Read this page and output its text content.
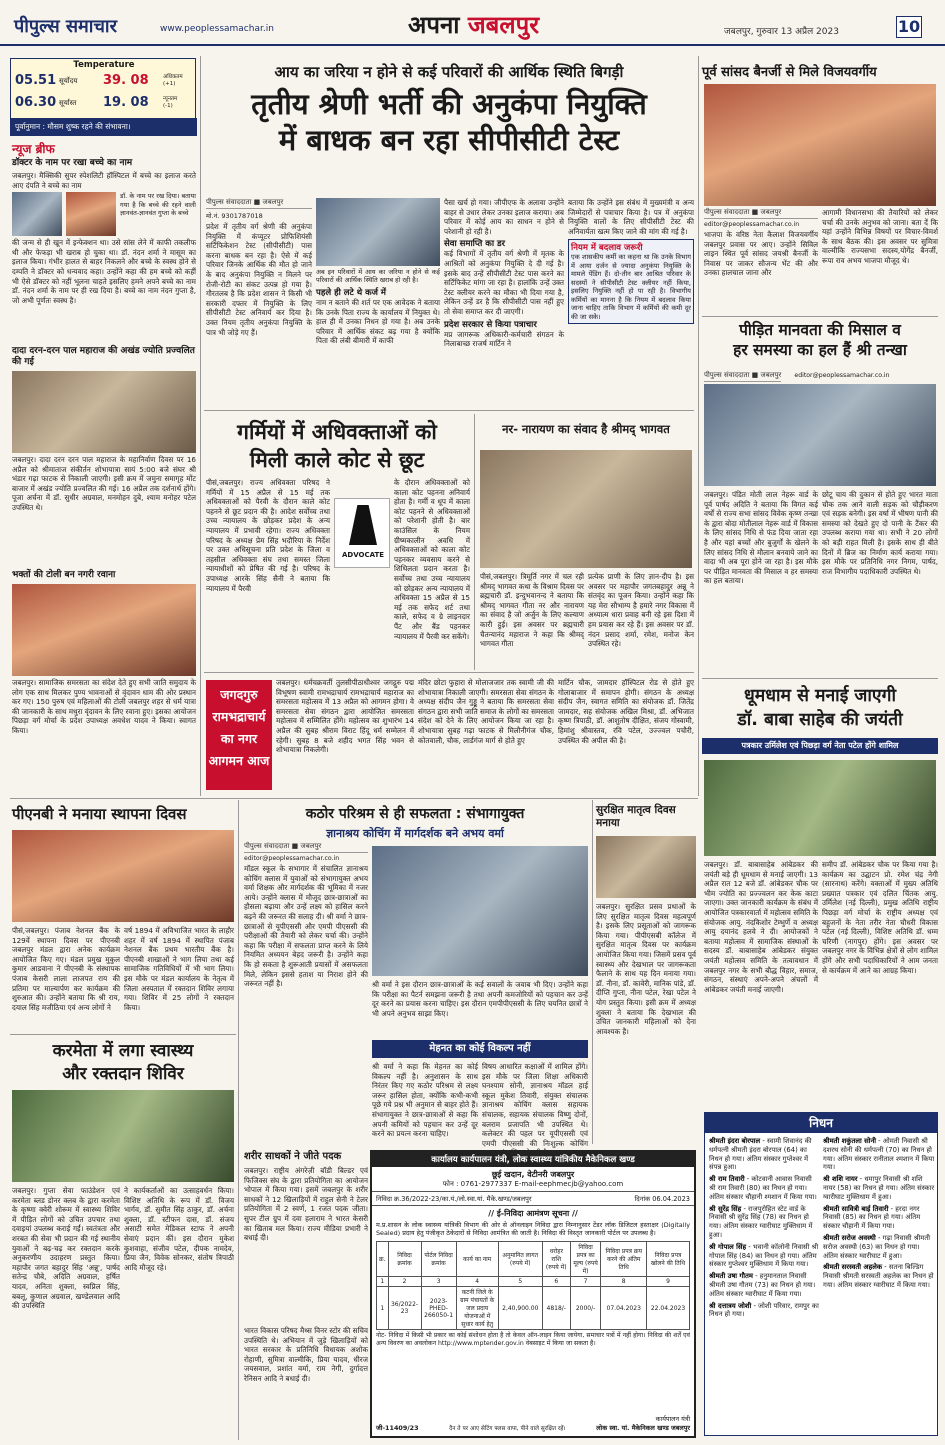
पीपुल्स समाचार	www.peoplessamachar.in	अपना जबलपुर	जबलपुर, गुरुवार 13 अप्रैल 2023	10
Temperature
05.51 सूर्योदय 39. 08	अधिकतम
(+1)
06.30 सूर्यास्त 19. 08	न्यूनतम
(-1)
पूर्वानुमान : मौसम शुष्क रहने की संभावना।
न्यूज ब्रीफ
डॉक्टर के नाम पर रखा बच्चे का नाम
जबलपुर। मैक्सिकी सुपर स्पेशलिटी हॉस्पिटल में बच्चे का इलाज करते आए दंपति ने बच्चे का नाम
डॉ. के नाम पर रख दिया। बताया गया है कि बच्चे की रहने वाली ज्ञानवंत-ज्ञानवंत गुप्ता के बच्चे
की जन्म से ही खून में इन्फेक्शन था। उसे सांस लेने में काफी तकलीफ थी और फेफड़ा भी खराब हो चुका था। डॉ. नंदन शर्मा ने मासूम का इलाज किया। गंभीर हालत से बाहर निकलने और बच्चे के स्वस्थ होने से दम्पति ने डॉक्टर को धन्यवाद कहा। उन्होंने कहा की हम बच्चे को कहीं भी ऐसे डॉक्टर को नहीं भूलना चाहते इसलिए हमने अपने बच्चे का नाम डॉ. नंदन शर्मा के नाम पर ही रख दिया है। बच्चे का नाम नंदन गुप्ता है, जो अभी पूर्णतः स्वस्थ है।
दादा दरन-दरन पाल महाराज की अखंड ज्योति प्रज्वलित की गई
जबलपुर। दादा दरन दरन पाल महाराज के महानिर्वाण दिवस पर 16 अप्रैल को श्रीमाताज संकीर्तन शोभायात्रा सायं 5:00 बजे संघर श्री भंडार गढ़ा फाटक से निकाली जाएगी। इसी क्रम में जमुना समागृह मोंट बाजार में अखंड ज्योति प्रज्वलित की गई। 16 अप्रैल तक दर्शनार्थ होंगे। पूजा अर्चना में डॉ. सुधीर अग्रवाल, मनमोहन दुबे, श्याम मनोहर पटेल उपस्थित थे।
भक्तों की टोली बन नगरी रवाना
जबलपुर। सामाजिक समरसता का संदेश देते हुए सभी जाति समुदाय के लोग एक साथ मिलकर पुण्य भावनाओं से वृंदावन धाम की ओर प्रस्थान कर गए। 150 पुरुष एवं महिलाओं की टोली जबलपुर शहर से धर्म यात्रा की जानकारी के साथ मथुरा वृंदावन के लिए रवाना हुए। इसका आयोजन पिछड़ा वर्ग मोर्चा के प्रदेश उपाध्यक्ष अवधेश यादव ने किया। स्वागत किया।
आय का जरिया न होने से कई परिवारों की आर्थिक स्थिति बिगड़ी
तृतीय श्रेणी भर्ती की अनुकंपा नियुक्ति
में बाधक बन रहा सीपीसीटी टेस्ट
पीपुल्स संवाददाता ■ जबलपुर
मो.नं. 9301787018
प्रदेश में तृतीय वर्ग श्रेणी की अनुकंपा नियुक्ति में कंप्यूटर प्रोफिशियंसी सर्टिफिकेशन टेस्ट (सीपीसीटी) पास करना बाधक बन रहा है। ऐसे में कई परिवार जिनके आर्थिक की मौत हो जाने के बाद अनुकंपा नियुक्ति न मिलने पर रोजी-रोटी का संकट उत्पन्न हो गया है। गौरतलब है कि प्रदेश शासन ने किसी भी सरकारी दफ्तर में नियुक्ति के लिए सीपीसीटी टेस्ट अनिवार्य कर दिया है। उक्त नियम तृतीय अनुकंपा नियुक्ति के पात्र भी जोड़े गए हैं।
अब इन परिवारों में आय का जरिया न होने से कई परिवारों की आर्थिक स्थिति खराब हो रही है।
पहले ही लटे थे कर्ज में
नाम न बताने की शर्त पर एक आवेदक ने बताया कि उनके पिता राज्य के कार्यालय में नियुक्त थे। हाल ही में उनका निधन हो गया है। अब उनके परिवार में आर्थिक संकट बढ़ गया है क्योंकि पिता की लंबी बीमारी में काफी
पैसा खर्च हो गया। जीपीएफ के अलावा उन्होंने बाहर से उधार लेकर उनका इलाज कराया। अब परिवार में कोई आय का साधन न होने से परेशानी हो रही है।
सेवा समाप्ति का डर
कई विभागों में तृतीय वर्ग श्रेणी में मृतक के आश्रितों को अनुकंपा नियुक्ति दे दी गई है। इसके बाद उन्हें सीपीसीटी टेस्ट पास करने का सर्टिफिकेट मांगा जा रहा है। हालांकि उन्हें उक्त टेस्ट क्लीयर करने का मौका भी दिया गया है, लेकिन उन्हें डर है कि सीपीसीटी पास नहीं हुए तो सेवा समाप्त कर दी जाएगी।
प्रदेश सरकार से किया पत्राचार
मप्र जागरूक अधिकारी-कर्मचारी संगठन के निलाबाच्छ राजर्ष मार्टिन ने
बताया कि उन्होंने इस संबंध में मुख्यमंत्री व अन्य जिम्मेदारों से पत्राचार किया है। पत्र में अनुकंपा नियुक्ति वालों के लिए सीपीसीटी टेस्ट की अनिवार्यता खत्म किए जाने की मांग की गई है।
नियम में बदलाव जरूरी
एक शासकीय कर्मी का कहना था कि उनके विभाग में आया दर्जन से ज्यादा अनुकंपा नियुक्ति के मामले पेंडिंग हैं। दो-तीन बार आश्रित परिवार के सदस्यों ने सीपीसीटी टेस्ट क्लीयर नहीं किया, इसलिए नियुक्ति नहीं हो पा रही है। विभागीय कर्मियों का मानना है कि नियम में बदलाव किया जाना चाहिए ताकि विभाग में कर्मियों की कमी दूर की जा सके।
गर्मियों में अधिवक्ताओं को
मिली काले कोट से छूट
पीसं,जबलपुर। राज्य अधिवक्ता परिषद ने गर्मियों में 15 अप्रैल से 15 मई तक अधिवक्ताओं को पैरवी के दौरान काले कोट पहनने से छूट प्रदान की है। आदेश सर्वोच्च तथा उच्च न्यायालय के छोड़कर प्रदेश के अन्य न्यायालय में प्रभावी रहेगा। राज्य अधिवक्ता परिषद के अध्यक्ष प्रेम सिंह भदौरिया के निर्देश पर उक्त अधिसूचना प्रति प्रदेश के जिला व तहसील अधिवक्ता संघ तथा समस्त जिला न्यायाधीशों को प्रेषित की गई है। परिषद के उपाध्यक्ष आरके सिंह सैनी ने बताया कि न्यायालय में पैरवी
ADVOCATE
के दौरान अधिवक्ताओं को काला कोट पहनना अनिवार्य होता है। गर्मी व धूप में काला कोट पहनने से अधिवक्ताओं को परेशानी होती है। बार काउंसिल के नियम ग्रीष्मकालीन अवधि में अधिवक्ताओं को काला कोट पहनकर व्यवसाय करने से शिथिलता प्रदान करता है। सर्वोच्च तथा उच्च न्यायालय को छोड़कर अन्य न्यायालय में अधिवक्ता 15 अप्रैल से 15 मई तक सफेद शर्ट तथा काले, सफेद व ग्रे लाइनदार पैंट और बैंड पहनकर न्यायालय में पैरवी कर सकेंगे।
नर- नारायण का संवाद है श्रीमद् भागवत
पीसं,जबलपुर। त्रिमूर्ति नगर में चल रही श्रीमद् भागवत कथा के विश्राम दिवस पर ब्रह्मचारी डॉ. इन्दुभवानन्द ने बताया कि श्रीमद् भागवत गीता नर और नारायण का संवाद है जो अर्जुन के लिए कल्याण कारी हुई। इस अवसर पर ब्रह्मचारी चैतन्यानंद महाराज ने कहा कि श्रीमद् भागवत गीता
प्रत्येक प्राणी के लिए ज्ञान-दीप है। इस अवसर पर महापौर जगतबहादुर अन्नू ने संतवृंद का पूजन किया। उन्होंने कहा कि यह मेरा सौभाग्य है हमारे नगर विकास में अध्यात्म धारा प्रवाह बनी रहे इस दिशा में हम प्रयास कर रहे हैं। इस अवसर पर डॉ. नंदन प्रसाद शर्मा, रमेश, मनोज केन उपस्थित रहे।
जगदगुरु रामभद्राचार्य का नगर आगमन आज
जबलपुर। धर्मचक्रवर्ती तुलसीपीठाधीश्वर जगद्गुरु पद्म विभूषण स्वामी रामभद्राचार्य रामभद्राचार्य महाराज का समरसता महोत्सव में 13 अप्रैल को आगमन होगा। वे समरसता सेवा संगठन द्वारा आयोजित समरसता महोत्सव में सम्मिलित होंगे। महोत्सव का शुभारंभ 14 अप्रैल की सुबह श्रीराम विराट हिंदू धर्म सम्मेलन में रहेगी। सुबह 8 बजे शहीद भगत सिंह भवन से शोभायात्रा निकलेगी।
मंदिर छोटा फुहारा से मोलाजजार तक स्वामी जी की शोभायात्रा निकाली जाएगी। समरसता सेवा संगठन के अध्यक्ष संदीप जैन गुड्डू ने बताया कि समरसता सेवा संगठन द्वारा सभी जाति समाज के लोगों का समरसता संदेश को देने के लिए आयोजन किया जा रहा है। शोभायात्रा सुबह गढ़ा फाटक से मिलौनीगंज चौक, कोतवाली, चौक, लार्डगंज मार्ग से होते हुए
मार्टिन चौक, जामदार हॉस्पिटल रोड से होते हुए गोलाबाजार में समापन होगी। संगठन के अध्यक्ष संदीप जैन, स्वागत समिति का संयोजक डॉ. जितेंद्र जामदार, सह संयोजक अखिल मिश्रा, डॉ. अभिजात कृष्ण त्रिपाठी, डॉ. आशुतोष दीक्षित, संजय गोस्वामी, हिमांशु श्रीवास्तव, रवि पटेल, उज्ज्वल पचौरी, उपस्थित की अपील की है।
पूर्व सांसद बैनर्जी से मिले विजयवर्गीय
पीपुल्स संवाददाता ■ जबलपुर
editor@peoplessamachar.co.in
भाजपा के वरिष्ठ नेता कैलाश विजयवर्गीय जबलपुर प्रवास पर आए। उन्होंने सिविल लाइन स्थित पूर्व सांसद जयश्री बैनर्जी के निवास पर जाकर सौजन्य भेंट की और उनका हालचाल जाना और
आगामी विधानसभा की तैयारियों को लेकर चर्चा की उनके अनुभव को जाना। बता दें कि यहां उन्होंने विभिन्न विषयों पर विचार-विमर्श के साथ बैठक की। इस अवसर पर सुमित्रा वाल्मीकि राज्यसभा सदस्य,योगेंद्र बैनर्जी, रूपा राव अभय भाजपा मौजूद थे।
पीड़ित मानवता की मिसाल व
हर समस्या का हल हैं श्री तन्खा
पीपुल्स संवाददाता ■ जबलपुर editor@peoplessamachar.co.in
जबलपुर। पंडित मोती लाल नेहरू वार्ड के पूर्व पार्षद अदिति ने बताया कि विगत कई वर्षों से राज्य सभा सांसद विवेक कृष्ण तन्खा के द्वारा बोदा मोतीलाल नेहरू वार्ड में विकास के लिए सांसद निधि से फंड दिया जाता रहा है और यहां बच्चों और बुजुर्गों के खेलने के लिए सांसद निधि से मौलान बनवाये जाने का वादा भी अब पूरा होने जा रहा है। इस मौके पर पीड़ित मानवता की मिसाल व हर समस्या का हल बताया।
छोटू चाय की दुकान से होते हुए भारत माता चौक तक आने वाली सड़क को चौड़ीकरण एवं सड़क बनेगी। इस वर्षा में भीषण पानी की समस्या को देखते हुए दो पानी के टैंकर की उपलब्ध कराया गया था। सभी ने 20 लोगों को बड़ी राहत मिली है। इसके साथ ही बीते दिनों में ब्रिज का निर्माण कार्य कराया गया। इस मौके पर प्रतिनिधि नगर निगम, पार्षद, राज विभागीय पदाधिकारी उपस्थित थे।
धूमधाम से मनाई जाएगी
डॉ. बाबा साहेब की जयंती
पत्रकार उर्मिलेश एवं पिछड़ा वर्ग नेता पटेल होंगे शामिल
जबलपुर। डॉ. बाबासाहेब आंबेडकर की जयंती बड़े ही धूमधाम से मनाई जाएगी। 13 अप्रैल रात 12 बजे डॉ. आंबेडकर चौक पर भीम ज्योति का प्रज्ज्वलन कर केक काटा जाएगा। उक्त जानकारी कार्यक्रम के संबंध में आयोजित पत्रकारवार्ता में महोत्सव समिति के संयोजक आयु. नंदकिशोर टेम्भुर्णे व अध्यक्ष आयु दयानंद हलवे ने दी। आयोजकों ने बताया महोत्सव में सामाजिक संस्थाओं के सदस्य डॉ. बाबासाहेब आंबेडकर संयुक्त जयंती महोत्सव समिति के तत्वावधान में जबलपुर नगर के सभी बौद्ध विहार, समाज, संगठन, संस्थाएं अपने-अपने अंचलों में आंबेडकर जयंती मनाई जाएगी।
समीप डॉ. आंबेडकर चौक पर किया गया है। कार्यक्रम का उद्घाटन प्रो. रमेश चंद्र नेगी (सारनाथ) करेंगे। वक्ताओं में मुख्य अतिथि प्रख्यात पत्रकार एवं दलित चिंतक आयु. उर्मिलेश (नई दिल्ली), प्रमुख अतिथि राष्ट्रीय पिछड़ा वर्ग मोर्चा के राष्ट्रीय अध्यक्ष एवं बहुजनों के नेता तरीर नेता चौधरी विकास पटेल (नई दिल्ली), विशिष्ट अतिथि डॉ. धम्म चरिणी (नागपुर) होंगे। इस अवसर पर जबलपुर नगर के विभिन्न क्षेत्रों से लोग शामिल होंगे और सभी पदाधिकारियों ने आम जनता से कार्यक्रम में आने का आग्रह किया।
निधन
श्रीमती इंदरा बोरपाल - स्वामी शिवानंद की धर्मपत्नी श्रीमती इंदरा बोरपाल (64) का निधन हो गया। अंतिम संस्कार गुप्तेश्वर में संपन्न हुआ।
श्री राम तिवारी - कोटवानी आवास निवासी श्री राम तिवारी (80) का निधन हो गया। अंतिम संस्कार चौहानी श्मशान में किया गया।
श्री सुरेंद्र सिंह - राजपुरोहित स्टेट वार्ड के निवासी श्री सुरेंद्र सिंह (78) का निधन हो गया। अंतिम संस्कार ग्वारीघाट मुक्तिधाम में हुआ।
श्री गोपाल सिंह - भवानी कॉलोनी निवासी श्री गोपाल सिंह (84) का निधन हो गया। अंतिम संस्कार गुप्तेश्वर मुक्तिधाम में किया गया।
श्रीमती उषा गौतम - हनुमानताल निवासी श्रीमती उषा गौतम (73) का निधन हो गया। अंतिम संस्कार ग्वारीघाट में किया गया।
श्री दत्तात्रय जोशी - जोशी परिवार, रामपुर का निधन हो गया।
श्रीमती शकुंतला सोनी - ओमती निवासी श्री दशरथ सोनी की धर्मपत्नी (70) का निधन हो गया। अंतिम संस्कार रानीताल श्मशान में किया गया।
श्री शशि नायर - धमापुर निवासी श्री शशि नायर (58) का निधन हो गया। अंतिम संस्कार ग्वारीघाट मुक्तिधाम में हुआ।
श्रीमती सावित्री बाई तिवारी - हरदा नगर निवासी (85) का निधन हो गया। अंतिम संस्कार चौहानी में किया गया।
श्रीमती सरोज अवस्थी - गढ़ा निवासी श्रीमती सरोज अवस्थी (63) का निधन हो गया। अंतिम संस्कार ग्वारीघाट में हुआ।
श्रीमती सरस्वती अहलेक - सतना बिल्डिंग निवासी श्रीमती सरस्वती अहलेक का निधन हो गया। अंतिम संस्कार ग्वारीघाट में किया गया।
पीएनबी ने मनाया स्थापना दिवस
पीसं,जबलपुर। पंजाब नेशनल बैंक के 129वें स्थापना दिवस पर पीएनबी जबलपुर मंडल द्वारा अनेक कार्यक्रम आयोजित किए गए। मंडल प्रमुख मुकुल कुमार आडवाना ने पीएनबी के संस्थापक पंजाब केसरी लाला लाजपत राय की प्रतिमा पर माल्यार्पण कर कार्यक्रम की शुरुआत की। उन्होंने बताया कि श्री राय, दयाल सिंह मजीठिया एवं अन्य लोगों ने
वर्ष 1894 में अविभाजित भारत के लाहौर शहर में वर्ष 1894 में स्थापित पंजाब नेशनल बैंक प्रथम भारतीय बैंक है। पीएनबी शाखाओं ने भाग लिया तथा कई सामाजिक गतिविधियों में भी भाग लिया। इस मौके पर मंडल कार्यालय के नेतृत्व में जिला अस्पताल में रक्तदान शिविर लगाया गया। शिविर में 25 लोगों ने रक्तदान किया।
करमेता में लगा स्वास्थ्य
और रक्तदान शिविर
जबलपुर। गुप्ता सेवा फाउंडेशन एवं करमेता ब्लड डोनर क्लब के द्वारा करमेता के कृष्णा क्वेरी शोरूम में स्वास्थ्य शिविर में पीड़ित लोगों को उचित उपचार तथा दवाइयां उपलब्ध कराई गईं। स्वतंत्रता और शरबत की सेवा भी प्रदान की गई स्थानीय युवाओं ने बढ़-चढ़ कर रक्तदान करके अनुकरणीय उदाहरण प्रस्तुत किया। महापौर जगत बहादुर सिंह 'अन्नू', पार्षद सतेन्द्र चौबे, अदिति अग्रवाल, हर्षित यादव, अनिता शुक्ला, स्वप्निल सिंह, बबलू, कुणाल अग्रवाल, खण्डेलवाल आदि की उपस्थिति
ने कार्यकर्ताओं का उत्साहवर्धन किया। विशिष्ट अतिथि के रूप में डॉ. विजय भार्गव, डॉ. सुमीत सिंह ठाकुर, डॉ. अर्चना शुक्ला, डॉ. स्टीफन दास, डॉ. संजय असाटी समेत मेडिकल स्टाफ ने अपनी सेवाएं प्रदान कीं। इस दौरान मुकेश कुशवाहा, संजीव पटेल, दीपक नामदेव, प्रिया जैन, विवेक सोनकर, संतोष त्रिपाठी आदि मौजूद रहे।
कठोर परिश्रम से ही सफलता : संभागायुक्त
ज्ञानाश्रय कोचिंग में मार्गदर्शक बने अभय वर्मा
पीपुल्स संवाददाता ■ जबलपुर
editor@peoplessamachar.co.in
मॉडल स्कूल के सभागार में संचालित ज्ञानाश्रय कोचिंग क्लास में युवाओं को संभागायुक्त अभय वर्मा शिक्षक और मार्गदर्शक की भूमिका में नजर आये। उन्होंने क्लास में मौजूद छात्र-छात्राओं का हौसला बढ़ाया और उन्हें लक्ष्य को हासिल करने बढ़ने की जरूरत की सलाह दी। श्री वर्मा ने छात्र-छात्राओं से यूपीएससी और एमपी पीएससी की परीक्षाओं की तैयारी को लेकर चर्चा की। उन्होंने कहा कि परीक्षा में सफलता प्राप्त करने के लिये नियमित अध्ययन बेहद जरूरी है। उन्होंने कहा कि हो सकता है शुरूआती प्रयासों में असफलता मिले, लेकिन इससे हताश या निराश होने की जरूरत नहीं है।	श्री वर्मा ने इस दौरान छात्र-छात्राओं के कई सवालों के जवाब भी दिए। उन्होंने कहा कि परीक्षा का पैटर्न समझना जरूरी है तथा अपनी कमजोरियों को पहचान कर उन्हें दूर करने का प्रयास करना चाहिए। इस दौरान एमपीपीएससी के लिए चयनित छात्रों ने भी अपने अनुभव साझा किए।
मेहनत का कोई विकल्प नहीं
श्री वर्मा ने कहा कि मेहनत का कोई विकल्प नहीं है। अनुशासन के साथ निरंतर किए गए कठोर परिश्रम से लक्ष्य जरूर हासिल होता, क्योंकि कभी-कभी पूछे गये प्रश्न भी अनुमान से बाहर होते हैं। संभागायुक्त ने छात्र-छात्राओं से कहा कि अपनी कमियों को पहचान कर उन्हें दूर करने का प्रयत्न करना चाहिए।
विषय आधारित कक्षाओं में शामिल होंगे। इस मौके पर जिला शिक्षा अधिकारी घनश्याम सोनी, ज्ञानाश्रय मॉडल हाई स्कूल मुकेश तिवारी, संयुक्त संचालक ज्ञानाश्रय कोचिंग क्लास सहायक संचालक, सहायक संचालक विष्णु दोनों, बलराम प्रजापति भी उपस्थित थे। कलेक्टर की पहल पर यूपीएससी एवं एमपी पीएससी की निःशुल्क कोचिंग
शरीर साधकों ने जीते पदक
जबलपुर। राष्ट्रीय अंगरेज़ी बॉडी बिल्डर एवं फिजिक्स संघ के द्वारा प्रतियोगिता का आयोजन भोपाल में किया गया। इसमें जबलपुर के शरीर साधकों ने 12 खिलाड़ियों में राहुल सेनी ने टेलर प्रतियोगिता में 2 स्वर्ण, 1 रजत पदक जीता। सुपर टील ग्रुप में दवा हलाराम ने भारत केसरी का खिताब मल किया। राज्य मीडिया प्रभारी ने बधाई दी।
भारत विकास परिषद मैथ्स विनर स्टोर की सचिव उपस्थिति थे। अभियान में जुड़े खिलाड़ियों को भारत सरकार के प्रतिनिधि विधायक अशोक रोहाणी, सुमित्रा वाल्मीकि, प्रिया यादव, धीरज जयसवाल, प्रशांत वर्मा, राम नेगी, दुर्गादत्त रेनिसन आदि ने बधाई दी।
सुरक्षित मातृत्व दिवस मनाया
जबलपुर। सुरक्षित प्रसव प्रथाओं के लिए सुरक्षित मातृत्व दिवस महत्वपूर्ण है। इसके लिए प्रसूताओं को जागरूक किया गया। पीपीएसबी कॉलेज में सुरक्षित मातृत्व दिवस पर कार्यक्रम आयोजित किया गया। जिसमें प्रसव पूर्व स्वास्थ्य और देखभाल पर जागरूकता फैलाने के साथ यह दिन मनाया गया। डॉ. नीना, डॉ. कावेरी, मानिक पांडे, डॉ. दीप्ति गुप्ता, नीना पटेल, रेखा पटेल ने योग प्रस्तुत किया। इसी क्रम में अध्यक्ष शुक्ला ने बताया कि देखभाल की उचित जानकारी महिलाओं को देना आवश्यक है।
कार्यालय कार्यपालन यंत्री, लोक स्वास्थ्य यांत्रिकीय मैकेनिकल खण्ड
छूई खदान, वेटीनरी जबलपुर
फोन : 0761-2977337 E-mail-eephmecjb@yahoo.com
निविदा क्र.36/2022-23/का.यं./लो.स्वा.यां. मैके.खण्ड/जबलपुर	दिनांक 06.04.2023
// ई-निविदा आमंत्रण सूचना //
म.प्र.शासन के लोक स्वास्थ्य यांत्रिकी विभाग की ओर से ऑनलाइन निविदा द्वारा निम्नानुसार टेंडर लॉक डिजिटल हस्ताक्षर (Digitally Sealed) प्रदाय हेतु पंजीकृत ठेकेदारों से निविदा आमंत्रित की जाती है। निविदा की विस्तृत जानकारी पोर्टल पर उपलब्ध है।
क्र.	निविदा क्रमांक	पोर्टल निविदा क्रमांक	कार्य का नाम	अनुमानित लागत (रुपये में)	धरोहर राशि (रुपये में)	निविदा प्रपत्र का मूल्य (रुपये में)	निविदा प्रपत्र क्रय करने की अंतिम तिथि	निविदा प्रपत्र खोलने की तिथि
1	2	3	4	5	6	7	8	9
1	36/2022-23	2023-PHED-266050-1	कटनी जिले के ग्राम पंचायतों के जल प्रदाय योजनाओं में सुधार कार्य हेतु	2,40,900.00	4818/-	2000/-	07.04.2023	22.04.2023
नोट- निविदा में किसी भी प्रकार का कोई संशोधन होता है तो केवल ऑन-लाइन किया जायेगा, समाचार पत्रों में नहीं होगा। निविदा की शर्तें एवं अन्य विवरण का अवलोकन http://www.mptender.gov.in वेबसाइट में किया जा सकता है।
जी-11409/23	दैन ते पर आए सेटिंग फ्लस वापा, पीने वाले सुरक्षित रहें।
कार्यपालन यंत्री
लोक स्वा. यां. मैकेनिकल खण्ड जबलपुर
